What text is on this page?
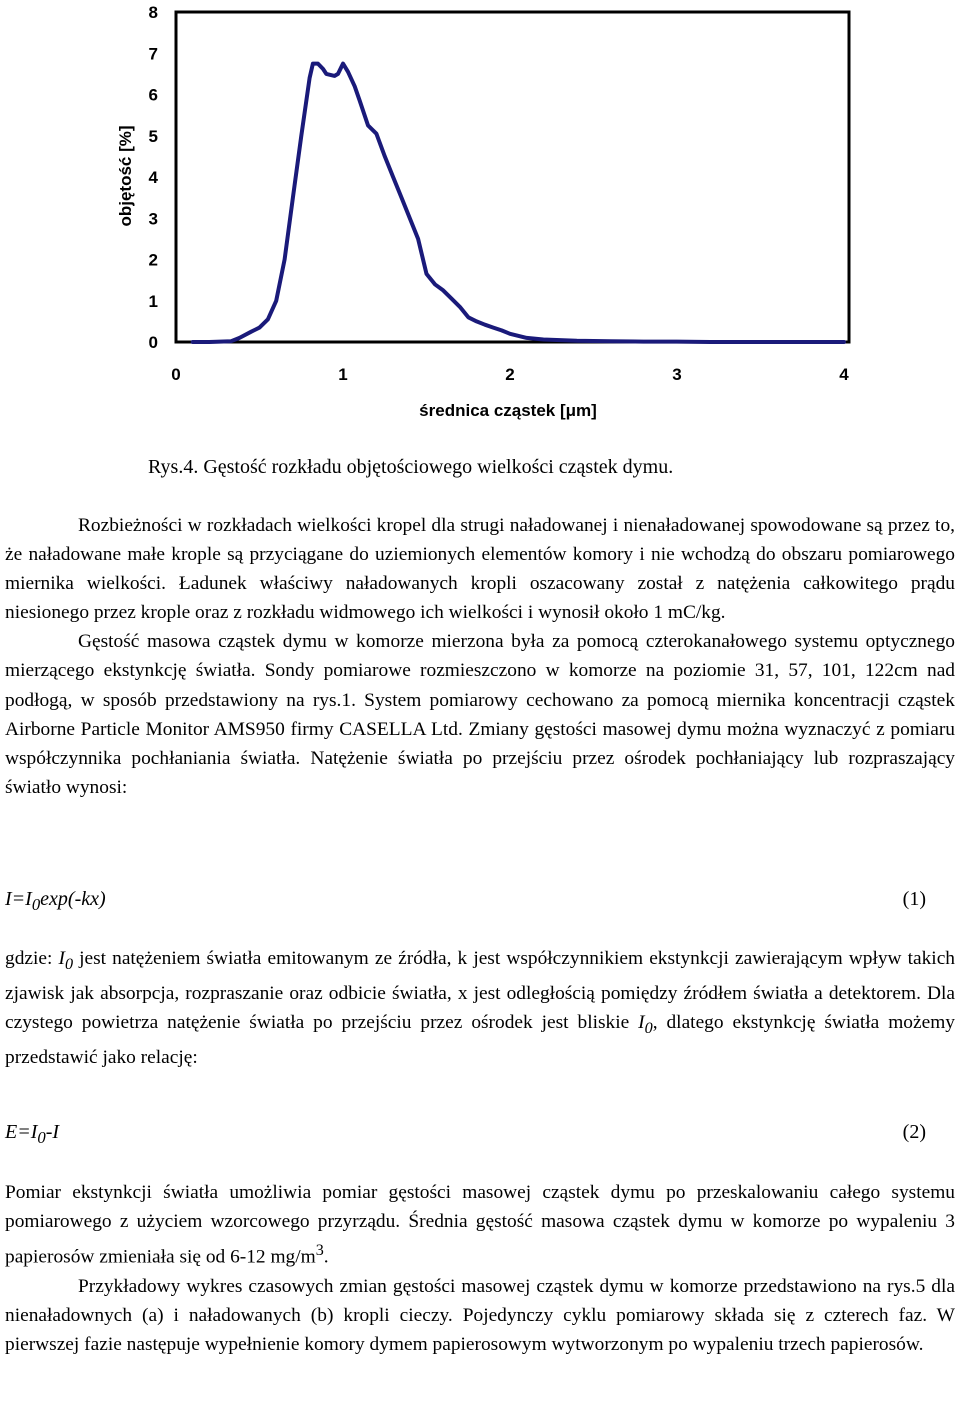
0
1
2
3
4
5
6
7
8
0	1	2	3	4
średnica cząstek [μm]
objętość [%]
Rys.4. Gęstość rozkładu objętościowego wielkości cząstek dymu.

Rozbieżności w rozkładach wielkości kropel dla strugi naładowanej i nienaładowanej spowodowane są przez to, że naładowane małe krople są przyciągane do uziemionych elementów komory i nie wchodzą do obszaru pomiarowego miernika wielkości. Ładunek właściwy naładowanych kropli oszacowany został z natężenia całkowitego prądu niesionego przez krople oraz z rozkładu widmowego ich wielkości i wynosił około 1 mC/kg.

Gęstość masowa cząstek dymu w komorze mierzona była za pomocą czterokanałowego systemu optycznego mierzącego ekstynkcję światła. Sondy pomiarowe rozmieszczono w komorze na poziomie 31, 57, 101, 122cm nad podłogą, w sposób przedstawiony na rys.1. System pomiarowy cechowano za pomocą miernika koncentracji cząstek Airborne Particle Monitor AMS950 firmy CASELLA Ltd. Zmiany gęstości masowej dymu można wyznaczyć z pomiaru współczynnika pochłaniania światła. Natężenie światła po przejściu przez ośrodek pochłaniający lub rozpraszający światło wynosi:

$I=I_0\exp(-kx)$	(1)

gdzie: $I_0$ jest natężeniem światła emitowanym ze źródła, k jest współczynnikiem ekstynkcji zawierającym wpływ takich zjawisk jak absorpcja, rozpraszanie oraz odbicie światła, x jest odległością pomiędzy źródłem światła a detektorem. Dla czystego powietrza natężenie światła po przejściu przez ośrodek jest bliskie $I_0$, dlatego ekstynkcję światła możemy przedstawić jako relację:

$E=I_0-I$	(2)

Pomiar ekstynkcji światła umożliwia pomiar gęstości masowej cząstek dymu po przeskalowaniu całego systemu pomiarowego z użyciem wzorcowego przyrządu. Średnia gęstość masowa cząstek dymu w komorze po wypaleniu 3 papierosów zmieniała się od 6-12 $mg/m^3$.

Przykładowy wykres czasowych zmian gęstości masowej cząstek dymu w komorze przedstawiono na rys.5 dla nienaładownych (a) i naładowanych (b) kropli cieczy. Pojedynczy cyklu pomiarowy składa się z czterech faz. W pierwszej fazie następuje wypełnienie komory dymem papierosowym wytworzonym po wypaleniu trzech papierosów.
